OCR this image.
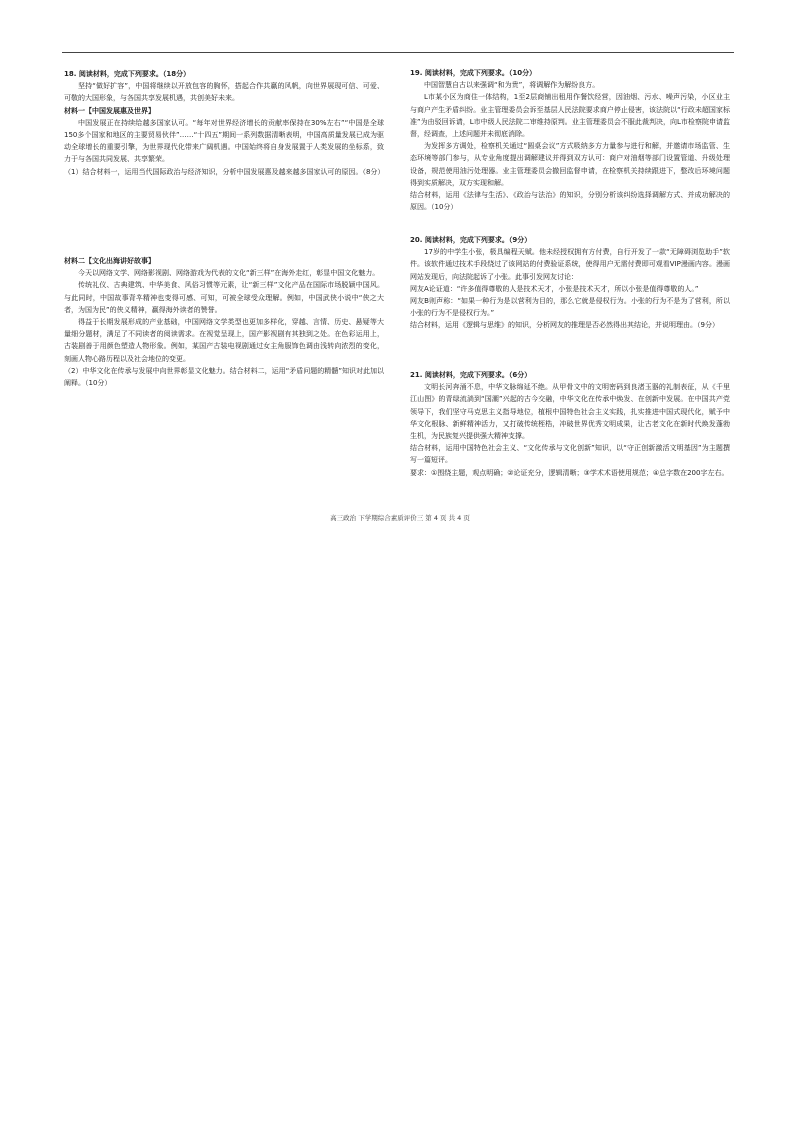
18. 阅读材料，完成下列要求。（18分）

坚持“做好扩容”，中国将继续以开放包容的胸怀，搭起合作共赢的风帆，向世界展现可信、可爱、可敬的大国形象，与各国共享发展机遇，共创美好未来。

材料一【中国发展惠及世界】

中国发展正在持续给越多国家认可。“每年对世界经济增长的贡献率保持在30%左右”“中国是全球150多个国家和地区的主要贸易伙伴”……“十四五”期间一系列数据清晰表明，中国高质量发展已成为驱动全球增长的重要引擎，为世界现代化带来广阔机遇。中国始终将自身发展置于人类发展的坐标系，致力于与各国共同发展、共享繁荣。

（1）结合材料一，运用当代国际政治与经济知识，分析中国发展惠及越来越多国家认可的原因。（8分）

材料二【文化出海讲好故事】

今天以网络文学、网络影视剧、网络游戏为代表的文化“新三样”在海外走红，彰显中国文化魅力。

传统礼仪、古典建筑、中华美食、风俗习惯等元素，让“新三样”文化产品在国际市场脱颖中国风。与此同时，中国故事背후精神也变得可感、可知，可被全球受众理解。例如，中国武侠小说中“侠之大者，为国为民”的侠义精神，赢得海外读者的赞誉。

得益于长期发展形成的产业基础，中国网络文学类型也更加多样化，穿越、言情、历史、悬疑等大量细分题材，满足了不同读者的阅读需求。在视觉呈现上，国产影视剧有其独到之处。在色彩运用上，古装剧善于用颜色塑造人物形象。例如，某国产古装电视剧通过女主角服饰色调由浅转向浓烈的变化，刻画人物心路历程以及社会地位的变更。

（2）中华文化在传承与发展中向世界彰显文化魅力。结合材料二，运用“矛盾问题的精髓”知识对此加以阐释。（10分）

19. 阅读材料，完成下列要求。（10分）

中国智慧自古以来强调“和为贵”，将调解作为解纷良方。

L市某小区为商住一体结构，1至2层商铺出租用作餐饮经营，因油烟、污水、噪声污染，小区业主与商户产生矛盾纠纷。业主管理委员会诉至基层人民法院要求商户停止侵害，该法院以“行政未超国家标准”为由驳回诉请，L市中级人民法院二审维持原判。业主管理委员会不服此裁判决，向L市检察院申请监督，经调查，上述问题并未彻底消除。

为发挥多方调处，检察机关通过“圆桌会议”方式吸纳多方力量参与进行和解，并邀请市场监管、生态环境等部门参与，从专业角度提出调解建议并得到双方认可：商户对油烟等部门设置管道、升级处理设备，规范使用油污处理器。业主管理委员会撤回监督申请，在检察机关持续跟进下，整改后环境问题得到实质解决，双方实现和解。

结合材料，运用《法律与生活》、《政治与法治》的知识，分别分析该纠纷选择调解方式、并成功解决的原因。（10分）

20. 阅读材料，完成下列要求。（9分）

17岁的中学生小张，极具编程天赋。他未经授权拥有方付费，自行开发了一款“无障碍浏览助手”软件。该软件通过技术手段绕过了该网站的付费验证系统，使得用户无需付费即可观看VIP漫画内容。漫画网站发现后，向法院起诉了小张。此事引发网友讨论：

网友A论证道：“许多值得尊敬的人是技术天才，小张是技术天才，所以小张是值得尊敬的人。”

网友B则声称：“如果一种行为是以营利为目的，那么它就是侵权行为。小张的行为不是为了营利，所以小张的行为不是侵权行为。”

结合材料，运用《逻辑与思维》的知识，分析网友的推理是否必然得出其结论，并说明理由。（9分）

21. 阅读材料，完成下列要求。（6分）

文明长河奔涌不息，中华文脉绵延不绝。从甲骨文中的文明密码到良渚玉器的礼制表征，从《千里江山图》的青绿流淌到“国潮”兴起的古今交融，中华文化在传承中焕发、在创新中发展。在中国共产党领导下，我们坚守马克思主义指导地位，植根中国特色社会主义实践，扎实推进中国式现代化，赋予中华文化根脉、新鲜精神活力，又打破传统桎梏，冲破世界优秀文明成果，让古老文化在新时代焕发蓬勃生机，为民族复兴提供强大精神支撑。

结合材料，运用中国特色社会主义、“文化传承与文化创新”知识，以“守正创新激活文明基因”为主题撰写一篇短评。

要求：①围绕主题，观点明确；②论证充分，逻辑清晰；③学术术语使用规范；④总字数在200字左右。

高三政治 下学期综合素质评价三 第 4 页 共 4 页
